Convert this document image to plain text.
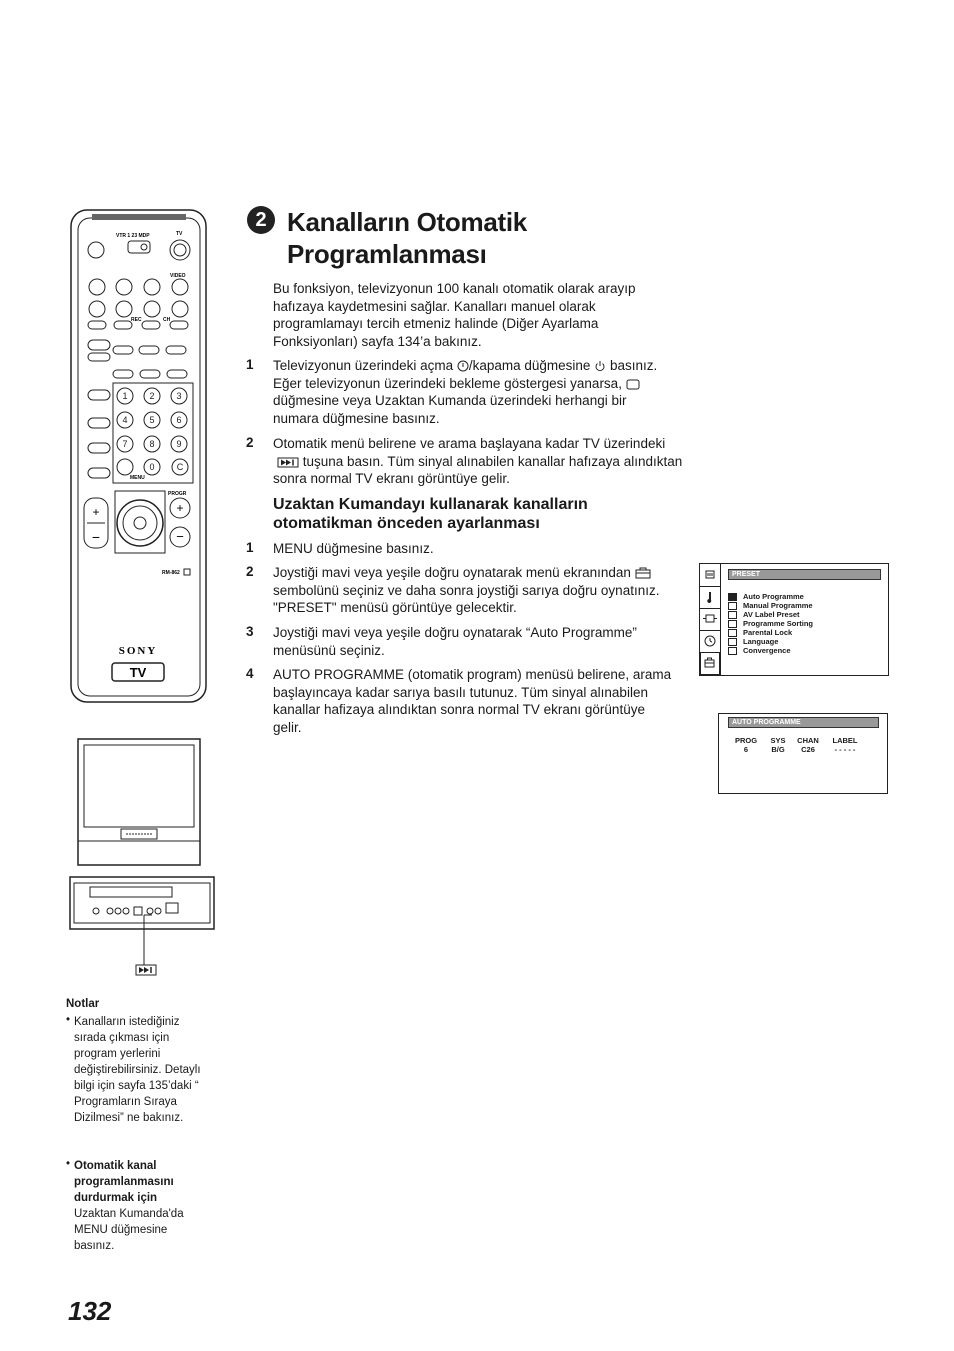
VTR 1 23 MDP	TV
VIDEO
REC	CH
1 2 3
4 5 6
7 8 9
0 C
MENU
PROGR
+
−
+
−
RM-862
SONY
TV
2 Kanalların Otomatik
Programlanması
Bu fonksiyon, televizyonun 100 kanalı otomatik olarak arayıp hafızaya kaydetmesini sağlar. Kanalları manuel olarak programlamayı tercih etmeniz halinde (Diğer Ayarlama Fonksiyonları) sayfa 134’a bakınız.
1 Televizyonun üzerindeki açma /kapama düğmesine  basınız. Eğer televizyonun üzerindeki bekleme göstergesi yanarsa,  düğmesine veya Uzaktan Kumanda üzerindeki herhangi bir numara düğmesine basınız.
2 Otomatik menü belirene ve arama başlayana kadar TV üzerindeki  tuşuna basın. Tüm sinyal alınabilen kanallar hafızaya alındıktan sonra normal TV ekranı görüntüye gelir.
Uzaktan Kumandayı kullanarak kanalların otomatikman önceden ayarlanması
1 MENU düğmesine basınız.
2 Joystiği mavi veya yeşile doğru oynatarak menü ekranından  sembolünü seçiniz ve daha sonra joystiği sarıya doğru oynatınız. "PRESET" menüsü görüntüye gelecektir.
3 Joystiği mavi veya yeşile doğru oynatarak “Auto Programme” menüsünü seçiniz.
4 AUTO PROGRAMME (otomatik program) menüsü belirene, arama başlayıncaya kadar sarıya basılı tutunuz. Tüm sinyal alınabilen kanallar hafizaya alındıktan sonra normal TV ekranı görüntüye gelir.
PRESET
Auto Programme
Manual Programme
AV Label Preset
Programme Sorting
Parental Lock
Language
Convergence
AUTO PROGRAMME
PROG
6
SYS
B/G
CHAN
C26
LABEL
- - - - -
Notlar
• Kanalların istediğiniz sırada çıkması için program yerlerini değiştirebilirsiniz. Detaylı bilgi için sayfa 135’daki “ Programların Sıraya Dizilmesi” ne bakınız.
• Otomatik kanal programlanmasını durdurmak için
Uzaktan Kumanda'da MENU düğmesine basınız.
132
